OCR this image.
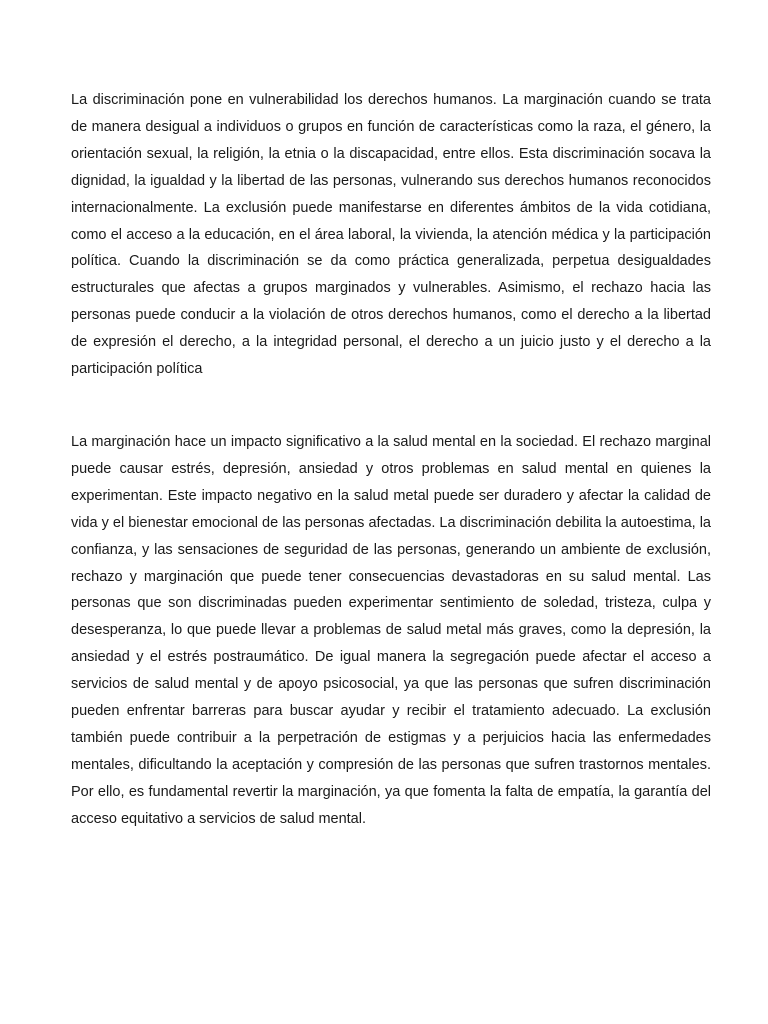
La discriminación pone en vulnerabilidad los derechos humanos. La marginación cuando se trata de manera desigual a individuos o grupos en función de características como la raza, el género, la orientación sexual, la religión, la etnia o la discapacidad, entre ellos. Esta discriminación socava la dignidad, la igualdad y la libertad de las personas, vulnerando sus derechos humanos reconocidos internacionalmente. La exclusión puede manifestarse en diferentes ámbitos de la vida cotidiana, como el acceso a la educación, en el área laboral, la vivienda, la atención médica y la participación política. Cuando la discriminación se da como práctica generalizada, perpetua desigualdades estructurales que afectas a grupos marginados y vulnerables. Asimismo, el rechazo hacia las personas puede conducir a la violación de otros derechos humanos, como el derecho a la libertad de expresión el derecho, a la integridad personal, el derecho a un juicio justo y el derecho a la participación política

La marginación hace un impacto significativo a la salud mental en la sociedad. El rechazo marginal puede causar estrés, depresión, ansiedad y otros problemas en salud mental en quienes la experimentan. Este impacto negativo en la salud metal puede ser duradero y afectar la calidad de vida y el bienestar emocional de las personas afectadas. La discriminación debilita la autoestima, la confianza, y las sensaciones de seguridad de las personas, generando un ambiente de exclusión, rechazo y marginación que puede tener consecuencias devastadoras en su salud mental. Las personas que son discriminadas pueden experimentar sentimiento de soledad, tristeza, culpa y desesperanza, lo que puede llevar a problemas de salud metal más graves, como la depresión, la ansiedad y el estrés postraumático. De igual manera la segregación puede afectar el acceso a servicios de salud mental y de apoyo psicosocial, ya que las personas que sufren discriminación pueden enfrentar barreras para buscar ayudar y recibir el tratamiento adecuado. La exclusión también puede contribuir a la perpetración de estigmas y a perjuicios hacia las enfermedades mentales, dificultando la aceptación y compresión de las personas que sufren trastornos mentales. Por ello, es fundamental revertir la marginación, ya que fomenta la falta de empatía, la garantía del acceso equitativo a servicios de salud mental.
